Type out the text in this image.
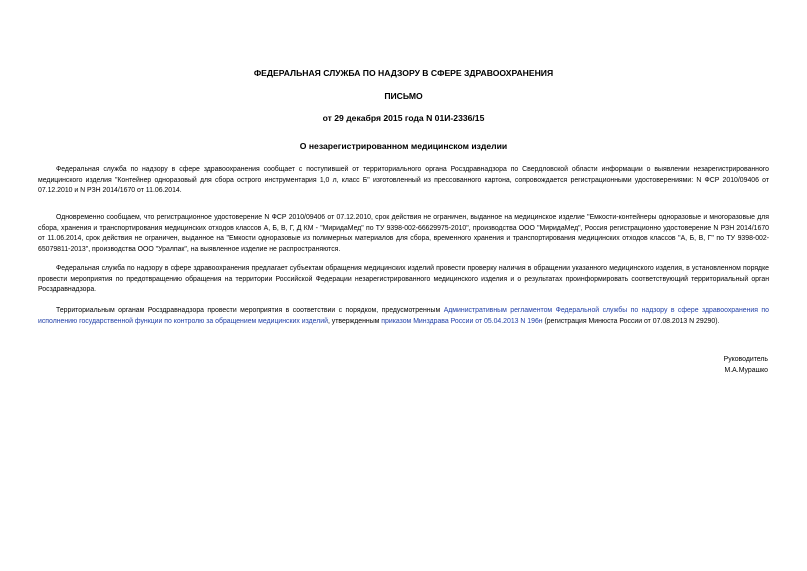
ФЕДЕРАЛЬНАЯ СЛУЖБА ПО НАДЗОРУ В СФЕРЕ ЗДРАВООХРАНЕНИЯ
ПИСЬМО
от 29 декабря 2015 года N 01И-2336/15
О незарегистрированном медицинском изделии

Федеральная служба по надзору в сфере здравоохранения сообщает с поступившей от территориального органа Росздравнадзора по Свердловской области информации о выявлении незарегистрированного медицинского изделия "Контейнер одноразовый для сбора острого инструментария 1,0 л, класс Б" изготовленный из прессованного картона, сопровождается регистрационными удостоверениями: N ФСР 2010/09406 от 07.12.2010 и N РЗН 2014/1670 от 11.06.2014.

Одновременно сообщаем, что регистрационное удостоверение N ФСР 2010/09406 от 07.12.2010, срок действия не ограничен, выданное на медицинское изделие "Емкости-контейнеры одноразовые и многоразовые для сбора, хранения и транспортирования медицинских отходов классов А, Б, В, Г, Д КМ - "МиридаМед" по ТУ 9398-002-66629975-2010", производства ООО "МиридаМед", Россия регистрационно удостоверение N РЗН 2014/1670 от 11.06.2014, срок действия не ограничен, выданное на "Емкости одноразовые из полимерных материалов для сбора, временного хранения и транспортирования медицинских отходов классов "А, Б, В, Г" по ТУ 9398-002-65079811-2013", производства ООО "Уралпак", на выявленное изделие не распространяются.

Федеральная служба по надзору в сфере здравоохранения предлагает субъектам обращения медицинских изделий провести проверку наличия в обращении указанного медицинского изделия, в установленном порядке провести мероприятия по предотвращению обращения на территории Российской Федерации незарегистрированного медицинского изделия и о результатах проинформировать соответствующий территориальный орган Росздравнадзора.

Территориальным органам Росздравнадзора провести мероприятия в соответствии с порядком, предусмотренным Административным регламентом Федеральной службы по надзору в сфере здравоохранения по исполнению государственной функции по контролю за обращением медицинских изделий, утвержденным приказом Минздрава России от 05.04.2013 N 196н (регистрация Минюста России от 07.08.2013 N 29290).

Руководитель
М.А.Мурашко
